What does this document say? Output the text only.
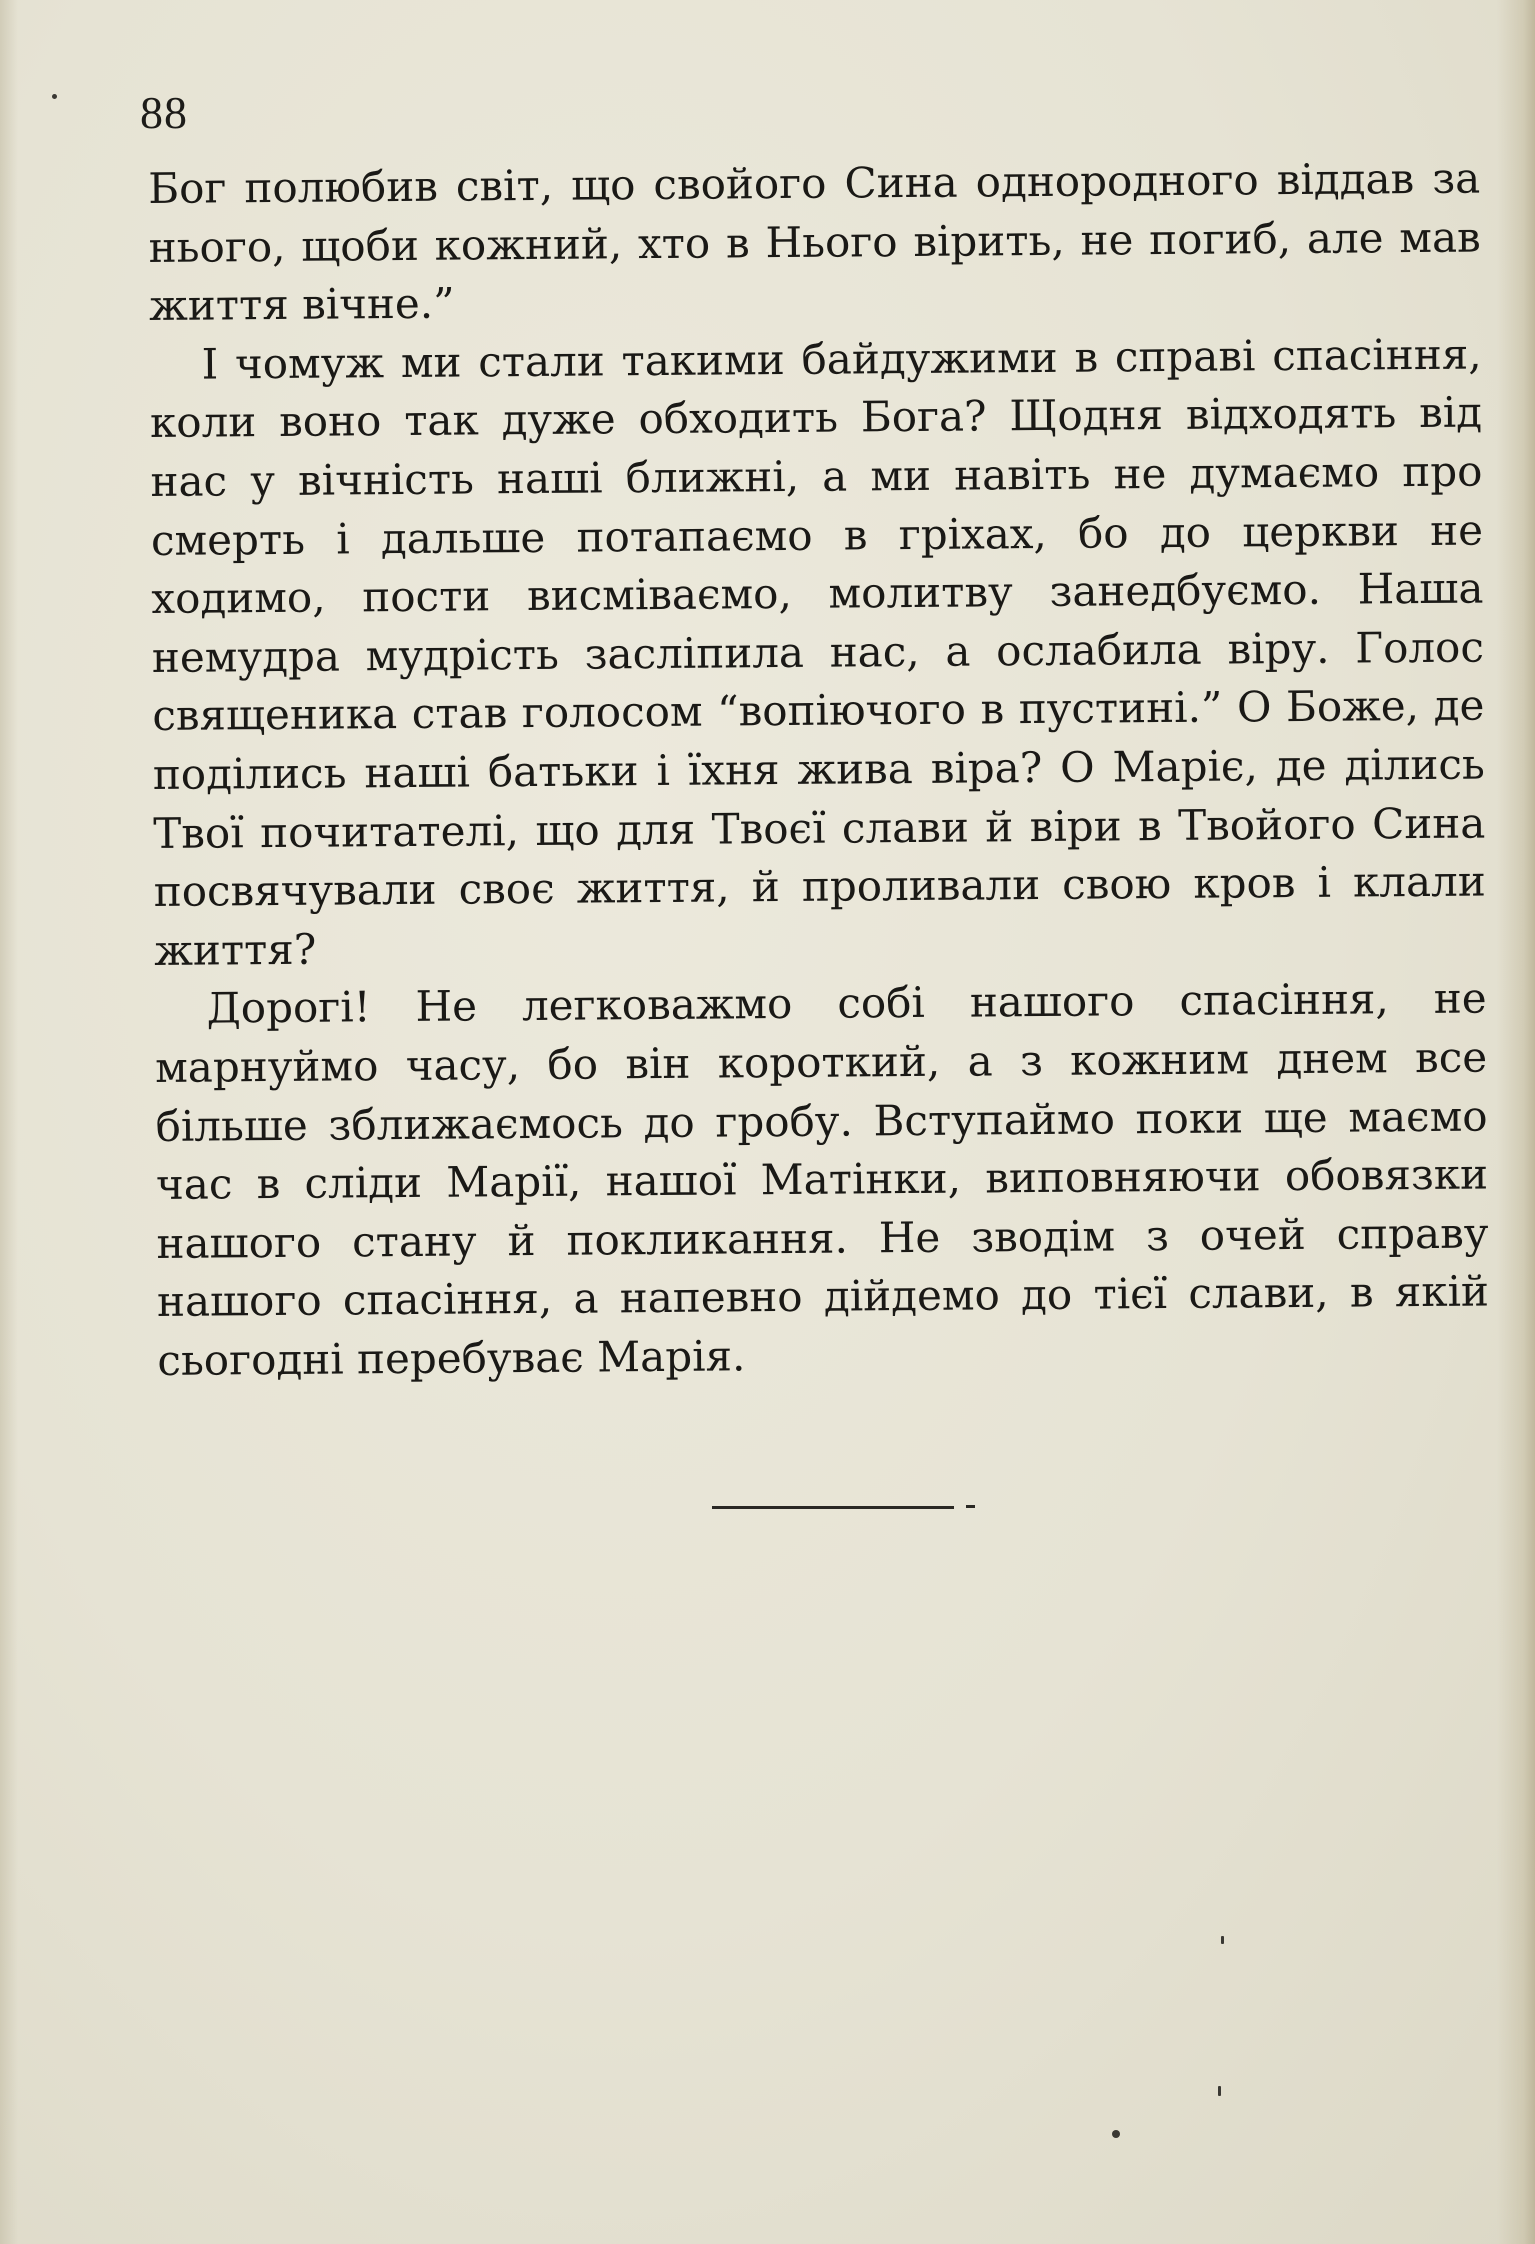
88

Бог полюбив світ, що свойого Сина однородного віддав за нього, щоби кожний, хто в Нього вірить, не погиб, але мав життя вічне.”

І чомуж ми стали такими байдужими в справі спасіння, коли воно так дуже обходить Бога? Щодня відходять від нас у вічність наші ближні, а ми навіть не думаємо про смерть і дальше потапаємо в гріхах, бо до церкви не ходимо, пости висміваємо, молитву занедбуємо. Наша немудра мудрість засліпила нас, а ослабила віру. Голос священика став голосом “вопіючого в пустині.” О Боже, де поділись наші батьки і їхня жива віра? О Маріє, де ділись Твої почитателі, що для Твоєї слави й віри в Твойого Сина посвячували своє життя, й проливали свою кров і клали життя?

Дорогі! Не легковажмо собі нашого спасіння, не марнуймо часу, бо він короткий, а з кожним днем все більше зближаємось до гробу. Вступаймо поки ще маємо час в сліди Марії, нашої Матінки, виповняючи обовязки нашого стану й покликання. Не зводім з очей справу нашого спасіння, а напевно дійдемо до тієї слави, в якій сьогодні перебуває Марія.
